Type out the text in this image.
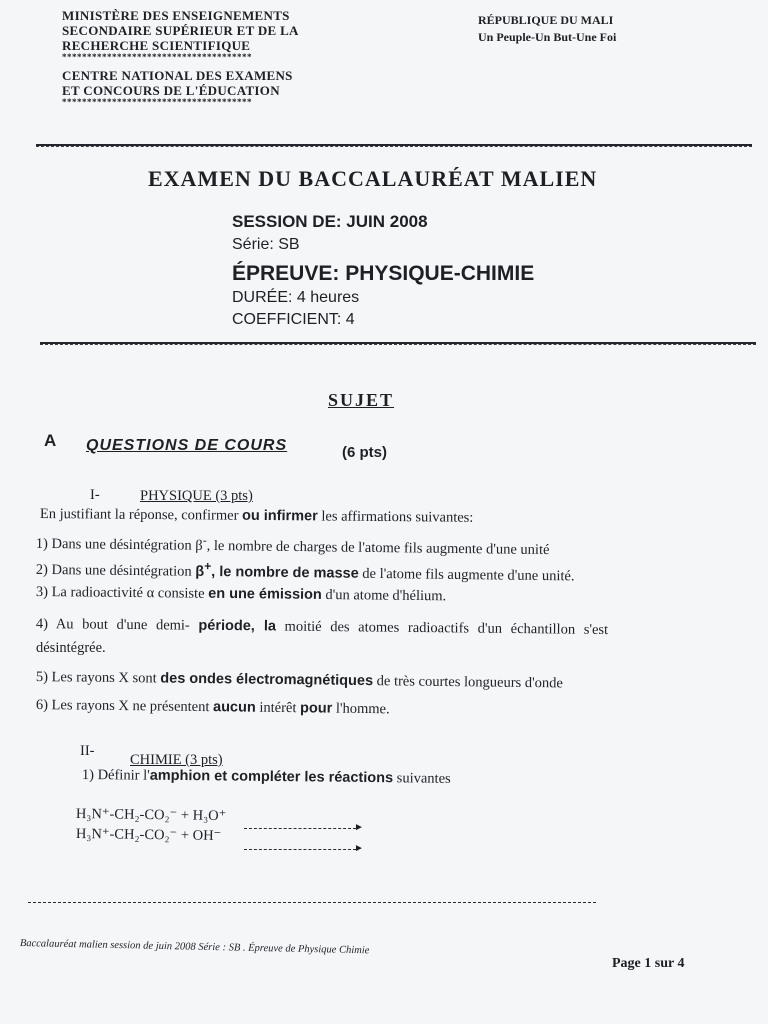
MINISTÈRE DES ENSEIGNEMENTS
SECONDAIRE SUPÉRIEUR ET DE LA
RECHERCHE SCIENTIFIQUE
**************************************
CENTRE NATIONAL DES EXAMENS
ET CONCOURS DE L'ÉDUCATION
**************************************
RÉPUBLIQUE DU MALI
Un Peuple-Un But-Une Foi
EXAMEN DU BACCALAURÉAT MALIEN
SESSION DE: JUIN 2008
Série: SB
ÉPREUVE: PHYSIQUE-CHIMIE
DURÉE: 4 heures
COEFFICIENT: 4
SUJET
A QUESTIONS DE COURS	(6 pts)
I-	PHYSIQUE (3 pts)
En justifiant la réponse, confirmer ou infirmer les affirmations suivantes:
1) Dans une désintégration β-, le nombre de charges de l'atome fils augmente d'une unité
2) Dans une désintégration β+, le nombre de masse de l'atome fils augmente d'une unité.
3) La radioactivité α consiste en une émission d'un atome d'hélium.
4) Au bout d'une demi- période, la moitié des atomes radioactifs d'un échantillon s'est
désintégrée.
5) Les rayons X sont des ondes électromagnétiques de très courtes longueurs d'onde
6) Les rayons X ne présentent aucun intérêt pour l'homme.
II-
CHIMIE (3 pts)
1) Définir l'amphion et compléter les réactions suivantes
H₃N⁺-CH₂-CO₂⁻ + H₃O⁺
►
H₃N⁺-CH₂-CO₂⁻ + OH⁻
►
Baccalauréat malien session de juin 2008 Série : SB . Épreuve de Physique Chimie
Page 1 sur 4
